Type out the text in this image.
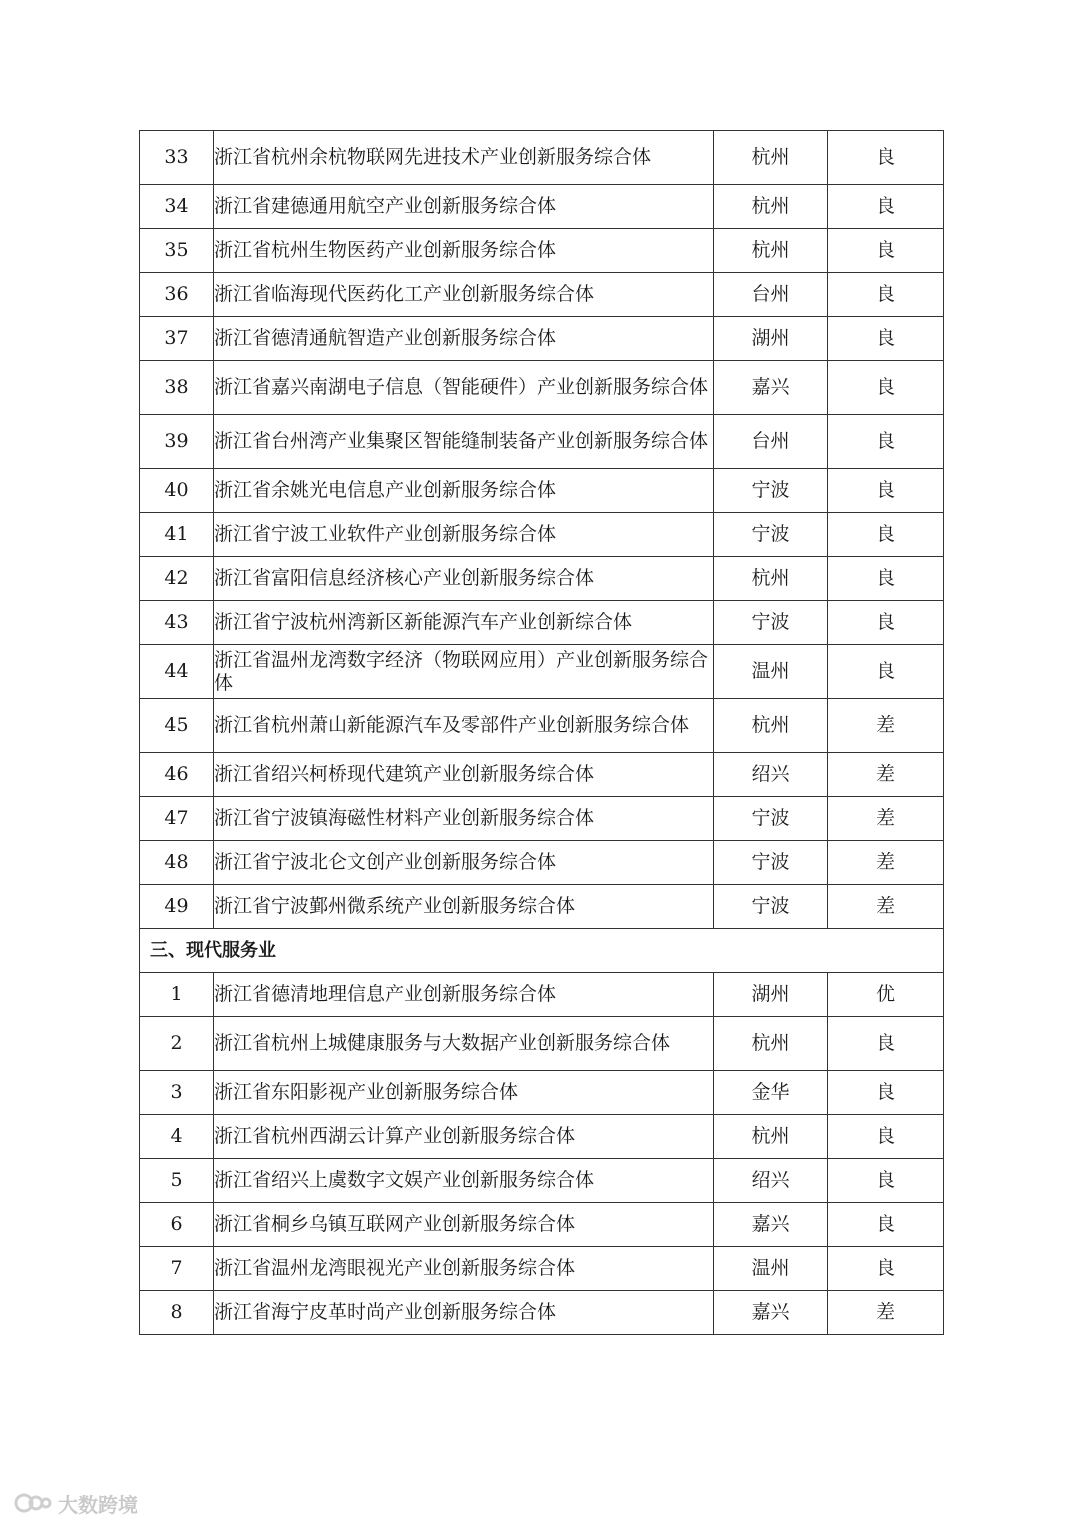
33	浙江省杭州余杭物联网先进技术产业创新服务综合体	杭州	良
34	浙江省建德通用航空产业创新服务综合体	杭州	良
35	浙江省杭州生物医药产业创新服务综合体	杭州	良
36	浙江省临海现代医药化工产业创新服务综合体	台州	良
37	浙江省德清通航智造产业创新服务综合体	湖州	良
38	浙江省嘉兴南湖电子信息（智能硬件）产业创新服务综合体	嘉兴	良
39	浙江省台州湾产业集聚区智能缝制装备产业创新服务综合体	台州	良
40	浙江省余姚光电信息产业创新服务综合体	宁波	良
41	浙江省宁波工业软件产业创新服务综合体	宁波	良
42	浙江省富阳信息经济核心产业创新服务综合体	杭州	良
43	浙江省宁波杭州湾新区新能源汽车产业创新综合体	宁波	良
44	浙江省温州龙湾数字经济（物联网应用）产业创新服务综合体	温州	良
45	浙江省杭州萧山新能源汽车及零部件产业创新服务综合体	杭州	差
46	浙江省绍兴柯桥现代建筑产业创新服务综合体	绍兴	差
47	浙江省宁波镇海磁性材料产业创新服务综合体	宁波	差
48	浙江省宁波北仑文创产业创新服务综合体	宁波	差
49	浙江省宁波鄞州微系统产业创新服务综合体	宁波	差
三、现代服务业			
1	浙江省德清地理信息产业创新服务综合体	湖州	优
2	浙江省杭州上城健康服务与大数据产业创新服务综合体	杭州	良
3	浙江省东阳影视产业创新服务综合体	金华	良
4	浙江省杭州西湖云计算产业创新服务综合体	杭州	良
5	浙江省绍兴上虞数字文娱产业创新服务综合体	绍兴	良
6	浙江省桐乡乌镇互联网产业创新服务综合体	嘉兴	良
7	浙江省温州龙湾眼视光产业创新服务综合体	温州	良
8	浙江省海宁皮革时尚产业创新服务综合体	嘉兴	差
大数跨境
